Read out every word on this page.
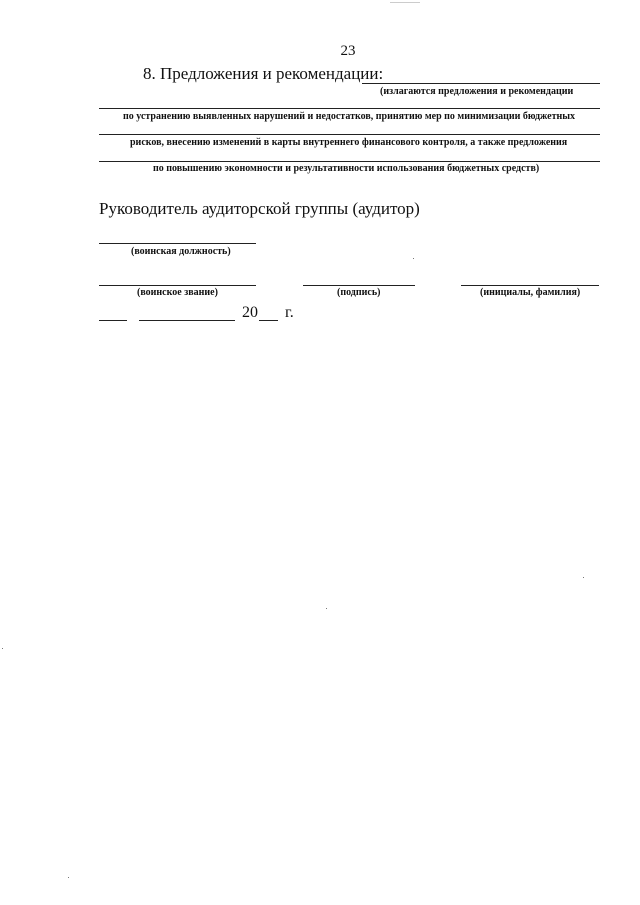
23
8. Предложения и рекомендации:
(излагаются предложения и рекомендации
по устранению выявленных нарушений и недостатков, принятию мер по минимизации бюджетных
рисков, внесению изменений в карты внутреннего финансового контроля, а также предложения
по повышению экономности и результативности использования бюджетных средств)
Руководитель аудиторской группы (аудитор)
(воинская должность)
(воинское звание)	(подпись)	(инициалы, фамилия)
20 г.
